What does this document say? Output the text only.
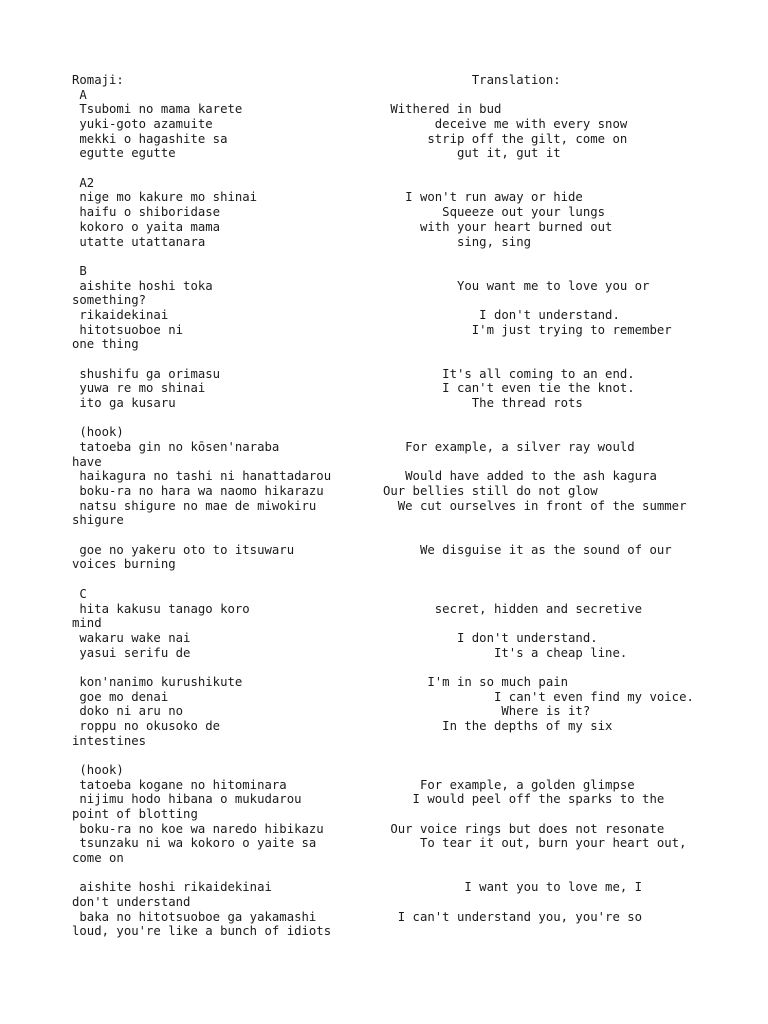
Romaji:                                               Translation:
A
Tsubomi no mama karete                    Withered in bud
yuki-goto azamuite                              deceive me with every snow
mekki o hagashite sa                           strip off the gilt, come on
egutte egutte                                      gut it, gut it
A2
nige mo kakure mo shinai                    I won't run away or hide
haifu o shiboridase                              Squeeze out your lungs
kokoro o yaita mama                           with your heart burned out
utatte utattanara                                  sing, sing
B
aishite hoshi toka                                 You want me to love you or
something?
rikaidekinai                                          I don't understand.
hitotsuoboe ni                                       I'm just trying to remember
one thing
shushifu ga orimasu                              It's all coming to an end.
yuwa re mo shinai                                I can't even tie the knot.
ito ga kusaru                                        The thread rots
(hook)
tatoeba gin no kōsen'naraba                 For example, a silver ray would
have
haikagura no tashi ni hanattadarou          Would have added to the ash kagura
boku-ra no hara wa naomo hikarazu        Our bellies still do not glow
natsu shigure no mae de miwokiru           We cut ourselves in front of the summer
shigure
goe no yakeru oto to itsuwaru                 We disguise it as the sound of our
voices burning
C
hita kakusu tanago koro                         secret, hidden and secretive
mind
wakaru wake nai                                    I don't understand.
yasui serifu de                                         It's a cheap line.
kon'nanimo kurushikute                         I'm in so much pain
goe mo denai                                            I can't even find my voice.
doko ni aru no                                           Where is it?
roppu no okusoko de                              In the depths of my six
intestines
(hook)
tatoeba kogane no hitominara                  For example, a golden glimpse
nijimu hodo hibana o mukudarou               I would peel off the sparks to the
point of blotting
boku-ra no koe wa naredo hibikazu         Our voice rings but does not resonate
tsunzaku ni wa kokoro o yaite sa              To tear it out, burn your heart out,
come on
aishite hoshi rikaidekinai                          I want you to love me, I
don't understand
baka no hitotsuoboe ga yakamashi           I can't understand you, you're so
loud, you're like a bunch of idiots
